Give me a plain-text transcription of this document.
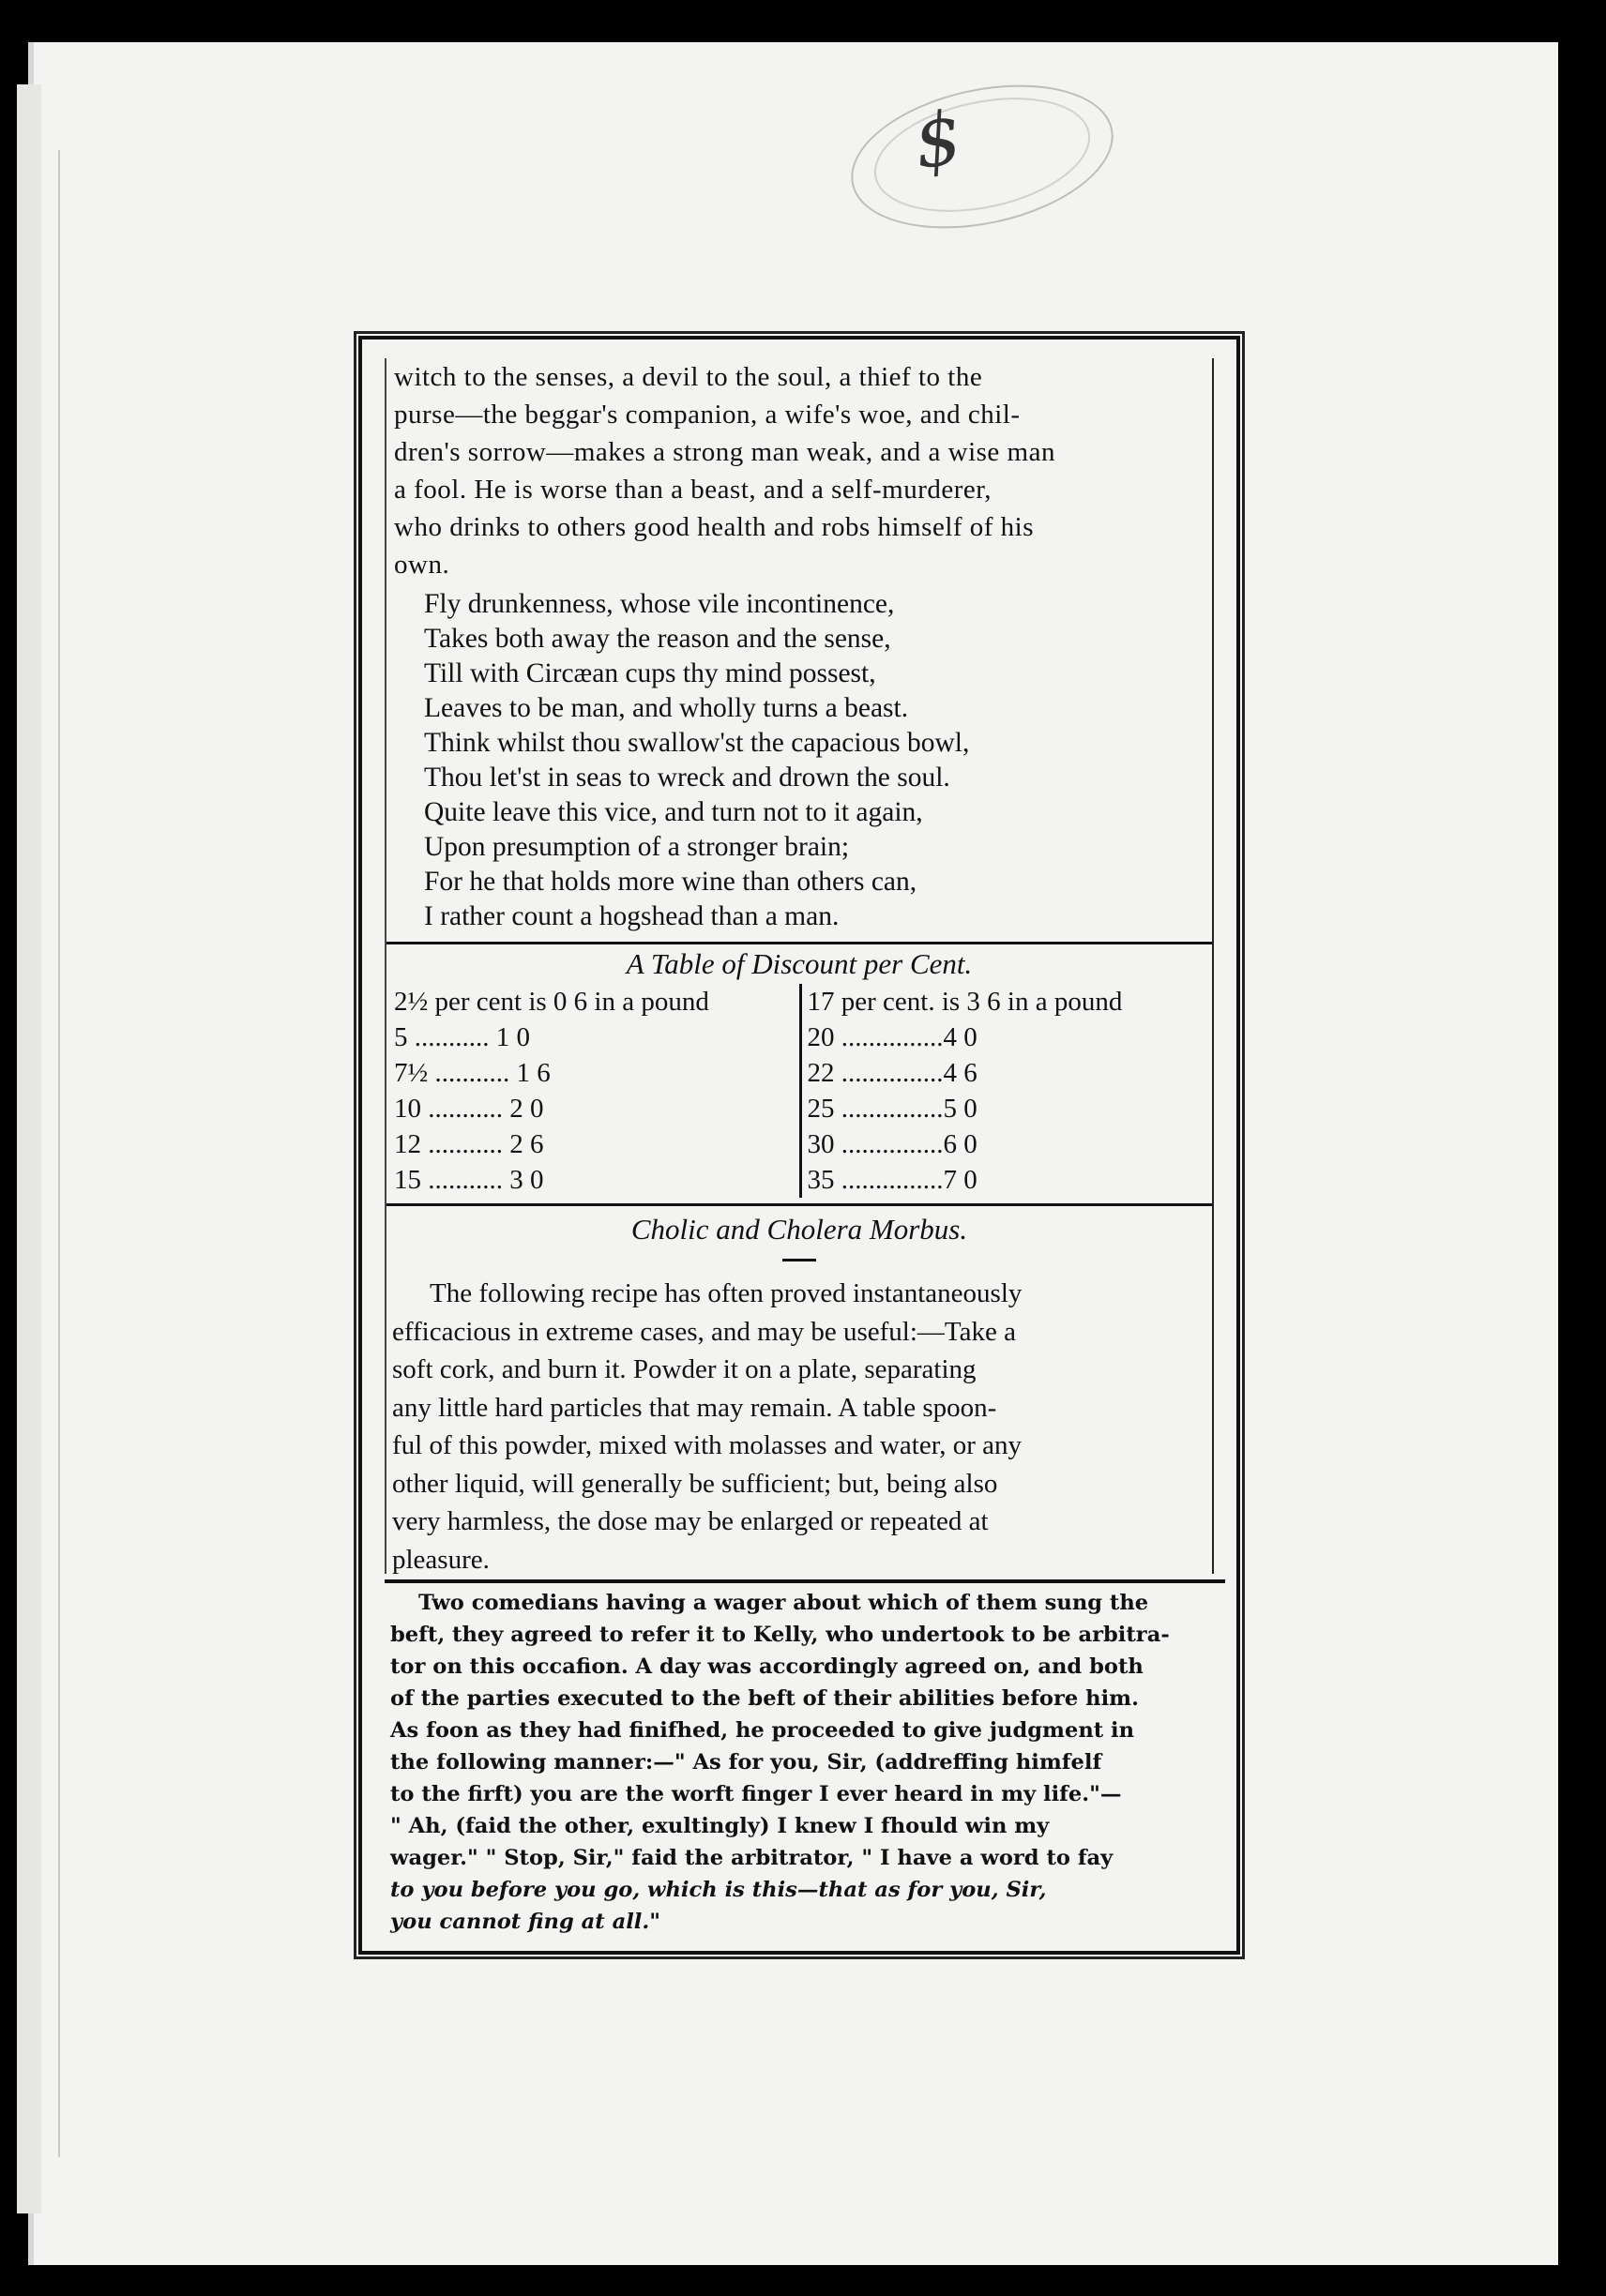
$
witch to the senses, a devil to the soul, a thief to the
purse—the beggar's companion, a wife's woe, and chil-
dren's sorrow—makes a strong man weak, and a wise man
a fool. He is worse than a beast, and a self-murderer,
who drinks to others good health and robs himself of his
own.
Fly drunkenness, whose vile incontinence,
Takes both away the reason and the sense,
Till with Circæan cups thy mind possest,
Leaves to be man, and wholly turns a beast.
Think whilst thou swallow'st the capacious bowl,
Thou let'st in seas to wreck and drown the soul.
Quite leave this vice, and turn not to it again,
Upon presumption of a stronger brain;
For he that holds more wine than others can,
I rather count a hogshead than a man.
A Table of Discount per Cent.
2½ per cent is 0 6 in a pound
5 ........... 1 0
7½ ........... 1 6
10 ........... 2 0
12 ........... 2 6
15 ........... 3 0
17 per cent. is 3 6 in a pound
20 ...............4 0
22 ...............4 6
25 ...............5 0
30 ...............6 0
35 ...............7 0
Cholic and Cholera Morbus.
The following recipe has often proved instantaneously
efficacious in extreme cases, and may be useful:—Take a
soft cork, and burn it. Powder it on a plate, separating
any little hard particles that may remain. A table spoon-
ful of this powder, mixed with molasses and water, or any
other liquid, will generally be sufficient; but, being also
very harmless, the dose may be enlarged or repeated at
pleasure.
Two comedians having a wager about which of them sung the
beft, they agreed to refer it to Kelly, who undertook to be arbitra-
tor on this occafion. A day was accordingly agreed on, and both
of the parties executed to the beft of their abilities before him.
As foon as they had finifhed, he proceeded to give judgment in
the following manner:—" As for you, Sir, (addreffing himfelf
to the firft) you are the worft finger I ever heard in my life."—
" Ah, (faid the other, exultingly) I knew I fhould win my
wager." " Stop, Sir," faid the arbitrator, " I have a word to fay
to you before you go, which is this—that as for you, Sir,
you cannot fing at all."
